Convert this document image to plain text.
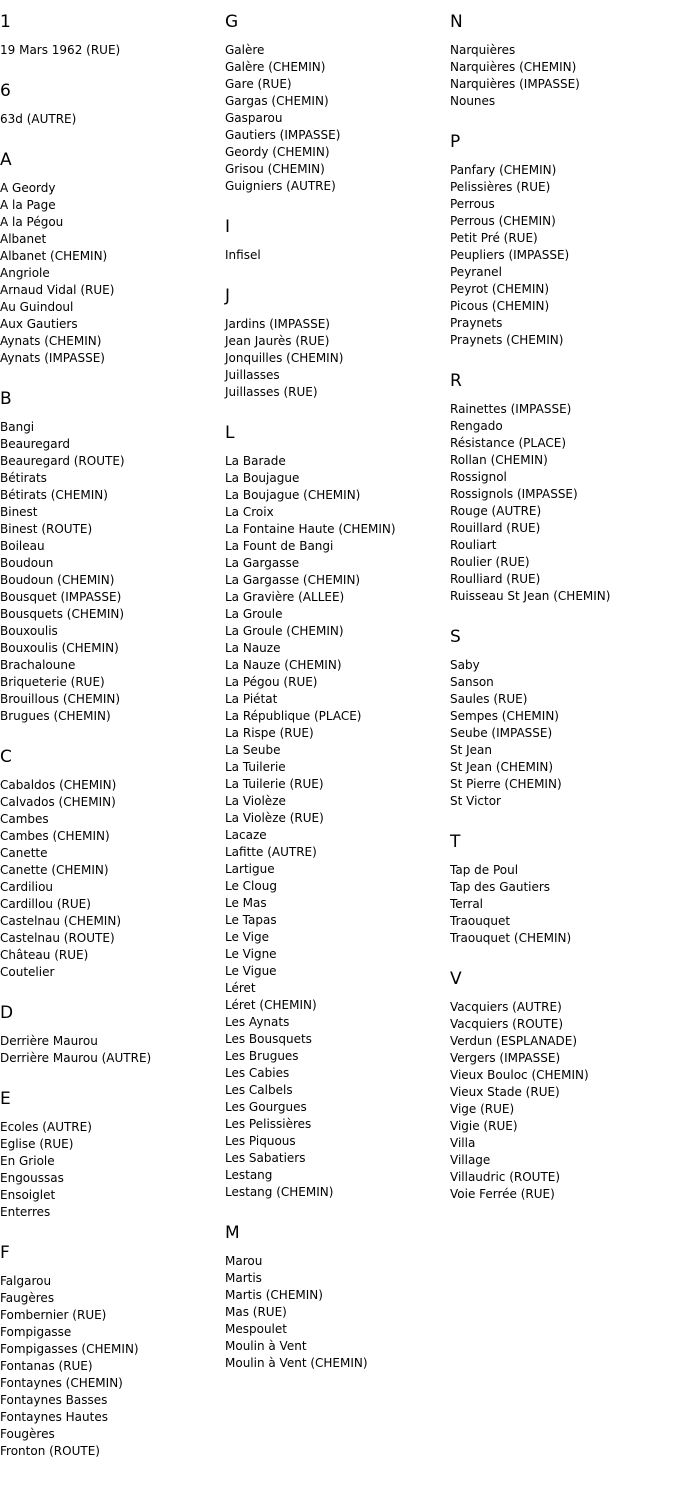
1
19 Mars 1962 (RUE)
6
63d (AUTRE)
A
A Geordy
A la Page
A la Pégou
Albanet
Albanet (CHEMIN)
Angriole
Arnaud Vidal (RUE)
Au Guindoul
Aux Gautiers
Aynats (CHEMIN)
Aynats (IMPASSE)
B
Bangi
Beauregard
Beauregard (ROUTE)
Bétirats
Bétirats (CHEMIN)
Binest
Binest (ROUTE)
Boileau
Boudoun
Boudoun (CHEMIN)
Bousquet (IMPASSE)
Bousquets (CHEMIN)
Bouxoulis
Bouxoulis (CHEMIN)
Brachaloune
Briqueterie (RUE)
Brouillous (CHEMIN)
Brugues (CHEMIN)
C
Cabaldos (CHEMIN)
Calvados (CHEMIN)
Cambes
Cambes (CHEMIN)
Canette
Canette (CHEMIN)
Cardiliou
Cardillou (RUE)
Castelnau (CHEMIN)
Castelnau (ROUTE)
Château (RUE)
Coutelier
D
Derrière Maurou
Derrière Maurou (AUTRE)
E
Ecoles (AUTRE)
Eglise (RUE)
En Griole
Engoussas
Ensoiglet
Enterres
F
Falgarou
Faugères
Fombernier (RUE)
Fompigasse
Fompigasses (CHEMIN)
Fontanas (RUE)
Fontaynes (CHEMIN)
Fontaynes Basses
Fontaynes Hautes
Fougères
Fronton (ROUTE)
G
Galère
Galère (CHEMIN)
Gare (RUE)
Gargas (CHEMIN)
Gasparou
Gautiers (IMPASSE)
Geordy (CHEMIN)
Grisou (CHEMIN)
Guigniers (AUTRE)
I
Infisel
J
Jardins (IMPASSE)
Jean Jaurès (RUE)
Jonquilles (CHEMIN)
Juillasses
Juillasses (RUE)
L
La Barade
La Boujague
La Boujague (CHEMIN)
La Croix
La Fontaine Haute (CHEMIN)
La Fount de Bangi
La Gargasse
La Gargasse (CHEMIN)
La Gravière (ALLEE)
La Groule
La Groule (CHEMIN)
La Nauze
La Nauze (CHEMIN)
La Pégou (RUE)
La Piétat
La République (PLACE)
La Rispe (RUE)
La Seube
La Tuilerie
La Tuilerie (RUE)
La Violèze
La Violèze (RUE)
Lacaze
Lafitte (AUTRE)
Lartigue
Le Cloug
Le Mas
Le Tapas
Le Vige
Le Vigne
Le Vigue
Léret
Léret (CHEMIN)
Les Aynats
Les Bousquets
Les Brugues
Les Cabies
Les Calbels
Les Gourgues
Les Pelissières
Les Piquous
Les Sabatiers
Lestang
Lestang (CHEMIN)
M
Marou
Martis
Martis (CHEMIN)
Mas (RUE)
Mespoulet
Moulin à Vent
Moulin à Vent (CHEMIN)
N
Narquières
Narquières (CHEMIN)
Narquières (IMPASSE)
Nounes
P
Panfary (CHEMIN)
Pelissières (RUE)
Perrous
Perrous (CHEMIN)
Petit Pré (RUE)
Peupliers (IMPASSE)
Peyranel
Peyrot (CHEMIN)
Picous (CHEMIN)
Praynets
Praynets (CHEMIN)
R
Rainettes (IMPASSE)
Rengado
Résistance (PLACE)
Rollan (CHEMIN)
Rossignol
Rossignols (IMPASSE)
Rouge (AUTRE)
Rouillard (RUE)
Rouliart
Roulier (RUE)
Roulliard (RUE)
Ruisseau St Jean (CHEMIN)
S
Saby
Sanson
Saules (RUE)
Sempes (CHEMIN)
Seube (IMPASSE)
St Jean
St Jean (CHEMIN)
St Pierre (CHEMIN)
St Victor
T
Tap de Poul
Tap des Gautiers
Terral
Traouquet
Traouquet (CHEMIN)
V
Vacquiers (AUTRE)
Vacquiers (ROUTE)
Verdun (ESPLANADE)
Vergers (IMPASSE)
Vieux Bouloc (CHEMIN)
Vieux Stade (RUE)
Vige (RUE)
Vigie (RUE)
Villa
Village
Villaudric (ROUTE)
Voie Ferrée (RUE)
